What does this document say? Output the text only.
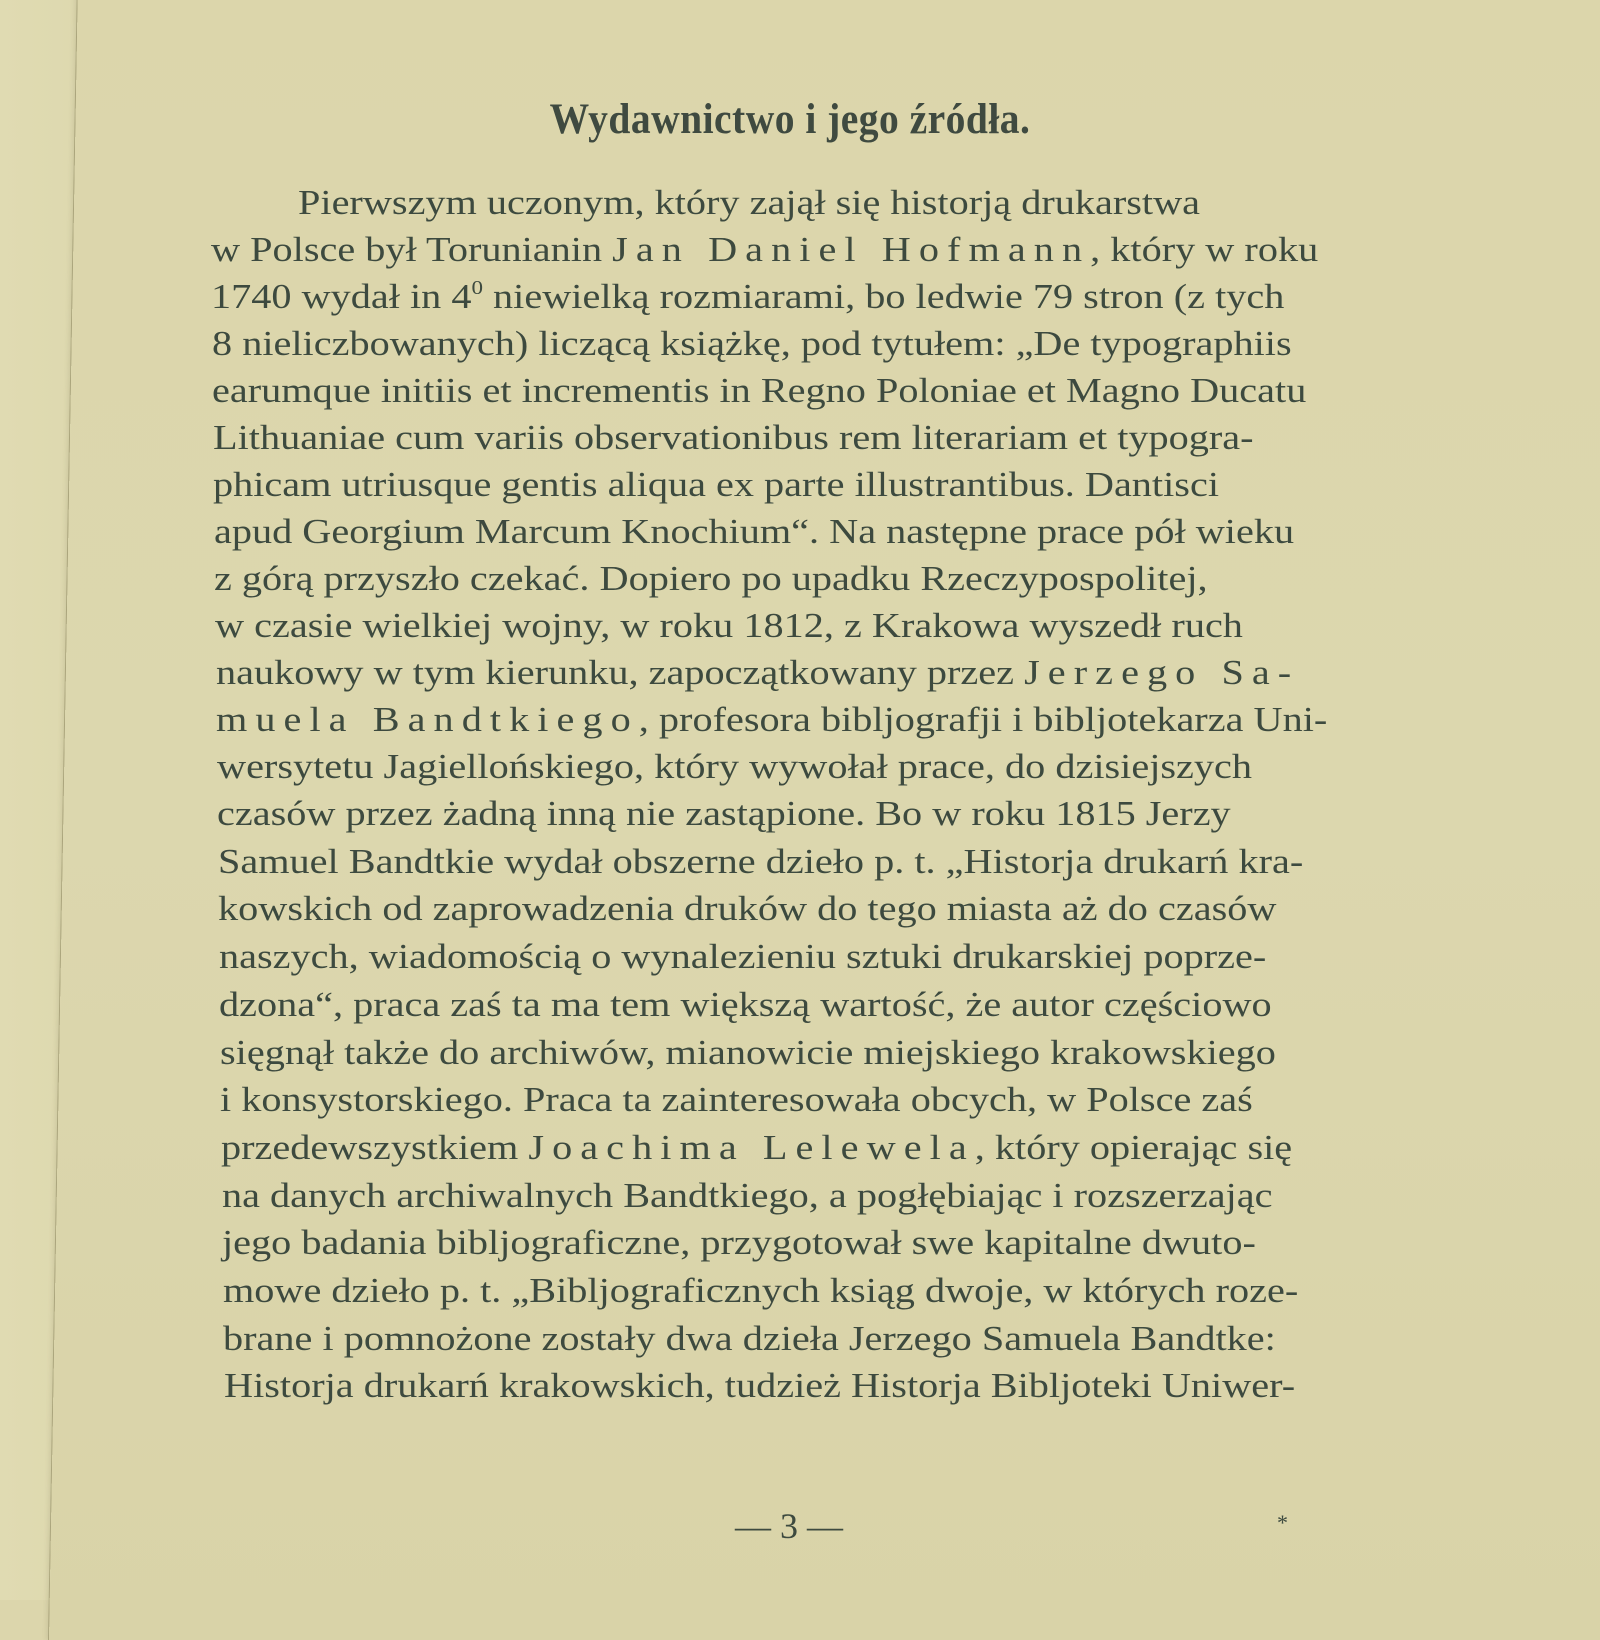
Wydawnictwo i jego źródła.
Pierwszym uczonym, który zajął się historją drukarstwa
w Polsce był Torunianin Jan Daniel Hofmann, który w roku
1740 wydał in $4^0$ niewielką rozmiarami, bo ledwie 79 stron (z tych
8 nieliczbowanych) liczącą książkę, pod tytułem: „De typographiis
earumque initiis et incrementis in Regno Poloniae et Magno Ducatu
Lithuaniae cum variis observationibus rem literariam et typogra-
phicam utriusque gentis aliqua ex parte illustrantibus. Dantisci
apud Georgium Marcum Knochium“. Na następne prace pół wieku
z górą przyszło czekać. Dopiero po upadku Rzeczypospolitej,
w czasie wielkiej wojny, w roku 1812, z Krakowa wyszedł ruch
naukowy w tym kierunku, zapoczątkowany przez Jerzego Sa-
muela Bandtkiego, profesora bibljografji i bibljotekarza Uni-
wersytetu Jagiellońskiego, który wywołał prace, do dzisiejszych
czasów przez żadną inną nie zastąpione. Bo w roku 1815 Jerzy
Samuel Bandtkie wydał obszerne dzieło p. t. „Historja drukarń kra-
kowskich od zaprowadzenia druków do tego miasta aż do czasów
naszych, wiadomością o wynalezieniu sztuki drukarskiej poprze-
dzona“, praca zaś ta ma tem większą wartość, że autor częściowo
sięgnął także do archiwów, mianowicie miejskiego krakowskiego
i konsystorskiego. Praca ta zainteresowała obcych, w Polsce zaś
przedewszystkiem Joachima Lelewela, który opierając się
na danych archiwalnych Bandtkiego, a pogłębiając i rozszerzając
jego badania bibljograficzne, przygotował swe kapitalne dwuto-
mowe dzieło p. t. „Bibljograficznych ksiąg dwoje, w których roze-
brane i pomnożone zostały dwa dzieła Jerzego Samuela Bandtke:
Historja drukarń krakowskich, tudzież Historja Bibljoteki Uniwer-
— 3 —	*
